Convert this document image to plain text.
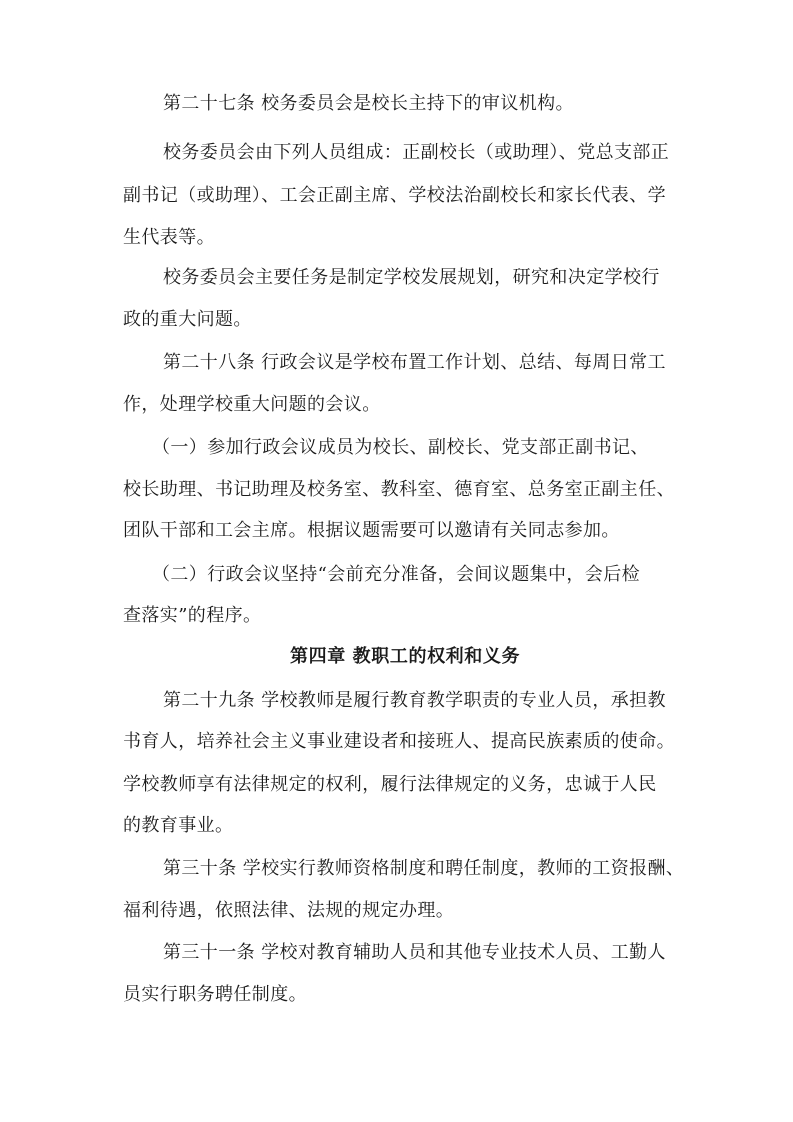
第二十七条 校务委员会是校长主持下的审议机构。
校务委员会由下列人员组成：正副校长（或助理）、党总支部正
副书记（或助理）、工会正副主席、学校法治副校长和家长代表、学
生代表等。
校务委员会主要任务是制定学校发展规划，研究和决定学校行
政的重大问题。
第二十八条 行政会议是学校布置工作计划、总结、每周日常工
作，处理学校重大问题的会议。
（一）参加行政会议成员为校长、副校长、党支部正副书记、
校长助理、书记助理及校务室、教科室、德育室、总务室正副主任、
团队干部和工会主席。根据议题需要可以邀请有关同志参加。
（二）行政会议坚持“会前充分准备，会间议题集中，会后检
查落实”的程序。
第四章 教职工的权利和义务
第二十九条 学校教师是履行教育教学职责的专业人员，承担教
书育人，培养社会主义事业建设者和接班人、提高民族素质的使命。
学校教师享有法律规定的权利，履行法律规定的义务，忠诚于人民
的教育事业。
第三十条 学校实行教师资格制度和聘任制度，教师的工资报酬、
福利待遇，依照法律、法规的规定办理。
第三十一条 学校对教育辅助人员和其他专业技术人员、工勤人
员实行职务聘任制度。
